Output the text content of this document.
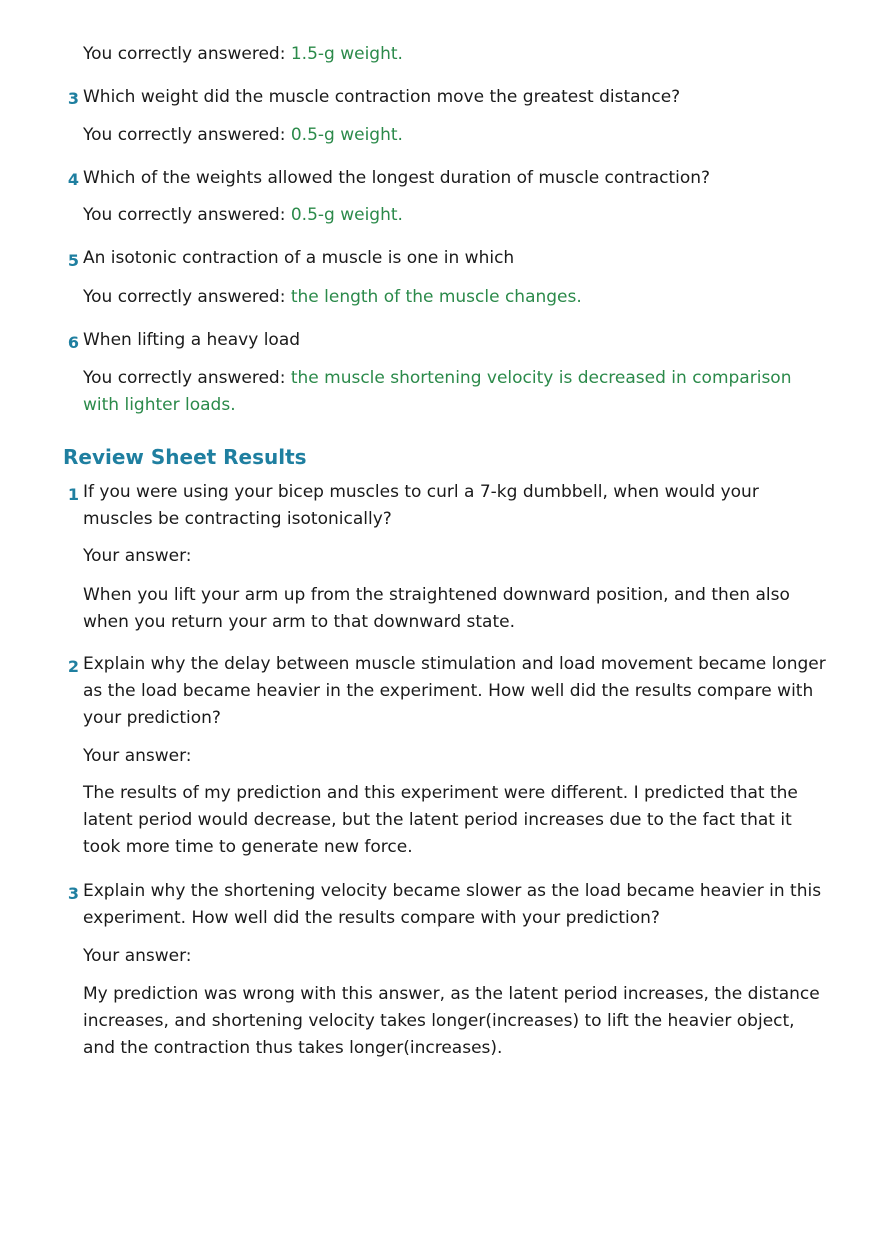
You correctly answered: 1.5-g weight.
3 Which weight did the muscle contraction move the greatest distance?
You correctly answered: 0.5-g weight.
4 Which of the weights allowed the longest duration of muscle contraction?
You correctly answered: 0.5-g weight.
5 An isotonic contraction of a muscle is one in which
You correctly answered: the length of the muscle changes.
6 When lifting a heavy load
You correctly answered: the muscle shortening velocity is decreased in comparison with lighter loads.
Review Sheet Results
1 If you were using your bicep muscles to curl a 7-kg dumbbell, when would your muscles be contracting isotonically?
Your answer:
When you lift your arm up from the straightened downward position, and then also when you return your arm to that downward state.
2 Explain why the delay between muscle stimulation and load movement became longer as the load became heavier in the experiment. How well did the results compare with your prediction?
Your answer:
The results of my prediction and this experiment were different. I predicted that the latent period would decrease, but the latent period increases due to the fact that it took more time to generate new force.
3 Explain why the shortening velocity became slower as the load became heavier in this experiment. How well did the results compare with your prediction?
Your answer:
My prediction was wrong with this answer, as the latent period increases, the distance increases, and shortening velocity takes longer(increases) to lift the heavier object, and the contraction thus takes longer(increases).
